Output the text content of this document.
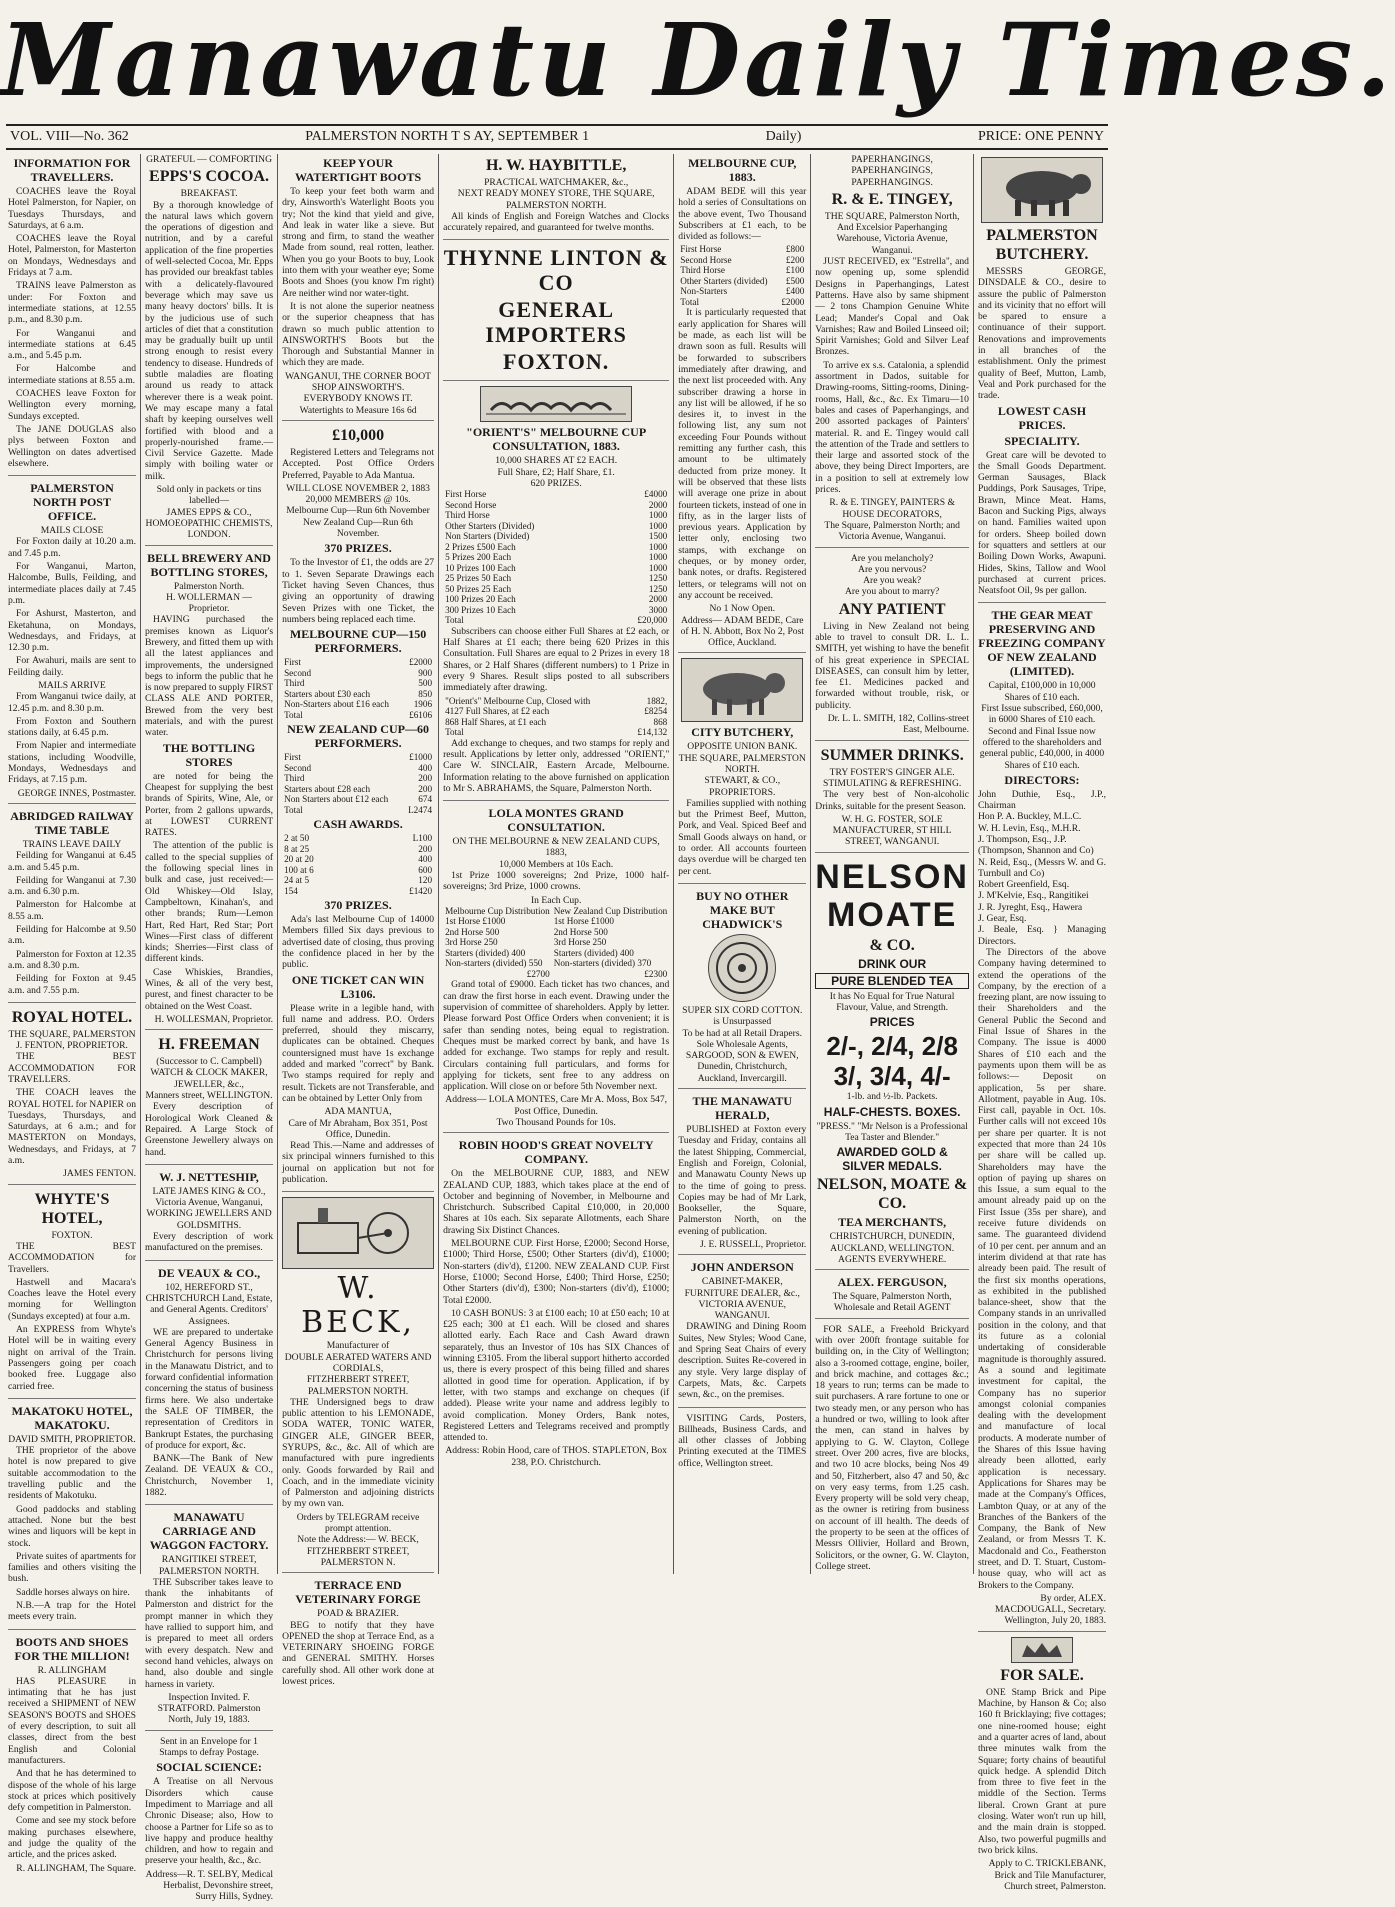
Manawatu Daily Times.
VOL. VIII—No. 362	PALMERSTON NORTH T S AY, SEPTEMBER 1	Daily)	PRICE: ONE PENNY
INFORMATION FOR TRAVELLERS.

COACHES leave the Royal Hotel Palmerston, for Napier, on Tuesdays Thursdays, and Saturdays, at 6 a.m.

COACHES leave the Royal Hotel, Palmerston, for Masterton on Mondays, Wednesdays and Fridays at 7 a.m.

TRAINS leave Palmerston as under: For Foxton and intermediate stations, at 12.55 p.m., and 8.30 p.m.

For Wanganui and intermediate stations at 6.45 a.m., and 5.45 p.m.

For Halcombe and intermediate stations at 8.55 a.m.

COACHES leave Foxton for Wellington every morning, Sundays excepted.

The JANE DOUGLAS also plys between Foxton and Wellington on dates advertised elsewhere.

PALMERSTON NORTH POST OFFICE.
MAILS CLOSE

For Foxton daily at 10.20 a.m. and 7.45 p.m.

For Wanganui, Marton, Halcombe, Bulls, Feilding, and intermediate places daily at 7.45 p.m.

For Ashurst, Masterton, and Eketahuna, on Mondays, Wednesdays, and Fridays, at 12.30 p.m.

For Awahuri, mails are sent to Feilding daily.

MAILS ARRIVE

From Wanganui twice daily, at 12.45 p.m. and 8.30 p.m.

From Foxton and Southern stations daily, at 6.45 p.m.

From Napier and intermediate stations, including Woodville, Mondays, Wednesdays and Fridays, at 7.15 p.m.

GEORGE INNES, Postmaster.
ABRIDGED RAILWAY TIME TABLE
TRAINS LEAVE DAILY

Feilding for Wanganui at 6.45 a.m. and 5.45 p.m.

Feilding for Wanganui at 7.30 a.m. and 6.30 p.m.

Palmerston for Halcombe at 8.55 a.m.

Feilding for Halcombe at 9.50 a.m.

Palmerston for Foxton at 12.35 a.m. and 8.30 p.m.

Feilding for Foxton at 9.45 a.m. and 7.55 p.m.

ROYAL HOTEL.
THE SQUARE, PALMERSTON
J. FENTON, PROPRIETOR.

THE BEST ACCOMMODATION FOR TRAVELLERS.

THE COACH leaves the ROYAL HOTEL for NAPIER on Tuesdays, Thursdays, and Saturdays, at 6 a.m.; and for MASTERTON on Mondays, Wednesdays, and Fridays, at 7 a.m.

JAMES FENTON.
WHYTE'S HOTEL,
FOXTON.

THE BEST ACCOMMODATION for Travellers.

Hastwell and Macara's Coaches leave the Hotel every morning for Wellington (Sundays excepted) at four a.m.

An EXPRESS from Whyte's Hotel will be in waiting every night on arrival of the Train. Passengers going per coach booked free. Luggage also carried free.

MAKATOKU HOTEL, MAKATOKU.
DAVID SMITH, PROPRIETOR.

THE proprietor of the above hotel is now prepared to give suitable accommodation to the travelling public and the residents of Makotuku.

Good paddocks and stabling attached. None but the best wines and liquors will be kept in stock.

Private suites of apartments for families and others visiting the bush.

Saddle horses always on hire.

N.B.—A trap for the Hotel meets every train.

BOOTS AND SHOES FOR THE MILLION!
R. ALLINGHAM

HAS PLEASURE in intimating that he has just received a SHIPMENT of NEW SEASON'S BOOTS and SHOES of every description, to suit all classes, direct from the best English and Colonial manufacturers.

And that he has determined to dispose of the whole of his large stock at prices which positively defy competition in Palmerston.

Come and see my stock before making purchases elsewhere, and judge the quality of the article, and the prices asked.

R. ALLINGHAM, The Square.
GRATEFUL — COMFORTING
EPPS'S COCOA.
BREAKFAST.

By a thorough knowledge of the natural laws which govern the operations of digestion and nutrition, and by a careful application of the fine properties of well-selected Cocoa, Mr. Epps has provided our breakfast tables with a delicately-flavoured beverage which may save us many heavy doctors' bills. It is by the judicious use of such articles of diet that a constitution may be gradually built up until strong enough to resist every tendency to disease. Hundreds of subtle maladies are floating around us ready to attack wherever there is a weak point. We may escape many a fatal shaft by keeping ourselves well fortified with blood and a properly-nourished frame.—Civil Service Gazette. Made simply with boiling water or milk.

Sold only in packets or tins labelled—
JAMES EPPS & CO.,
HOMOEOPATHIC CHEMISTS, LONDON.
BELL BREWERY AND BOTTLING STORES,
Palmerston North.
H. WOLLERMAN — Proprietor.

HAVING purchased the premises known as Liquor's Brewery, and fitted them up with all the latest appliances and improvements, the undersigned begs to inform the public that he is now prepared to supply FIRST CLASS ALE AND PORTER, Brewed from the very best materials, and with the purest water.

THE BOTTLING STORES

are noted for being the Cheapest for supplying the best brands of Spirits, Wine, Ale, or Porter, from 2 gallons upwards, at LOWEST CURRENT RATES.

The attention of the public is called to the special supplies of the following special lines in bulk and case, just received:—Old Whiskey—Old Islay, Campbeltown, Kinahan's, and other brands; Rum—Lemon Hart, Red Hart, Red Star; Port Wines—First class of different kinds; Sherries—First class of different kinds.

Case Whiskies, Brandies, Wines, & all of the very best, purest, and finest character to be obtained on the West Coast.

H. WOLLESMAN, Proprietor.
H. FREEMAN
(Successor to C. Campbell) WATCH & CLOCK MAKER, JEWELLER, &c.,
Manners street, WELLINGTON.

Every description of Horological Work Cleaned & Repaired. A Large Stock of Greenstone Jewellery always on hand.

W. J. NETTESHIP,
LATE JAMES KING & CO., Victoria Avenue, Wanganui, WORKING JEWELLERS AND GOLDSMITHS.

Every description of work manufactured on the premises.

DE VEAUX & CO.,
102, HEREFORD ST., CHRISTCHURCH Land, Estate, and General Agents. Creditors' Assignees.

WE are prepared to undertake General Agency Business in Christchurch for persons living in the Manawatu District, and to forward confidential information concerning the status of business firms here. We also undertake the SALE OF TIMBER, the representation of Creditors in Bankrupt Estates, the purchasing of produce for export, &c.

BANK—The Bank of New Zealand. DE VEAUX & CO., Christchurch, November 1, 1882.

MANAWATU CARRIAGE AND WAGGON FACTORY.
RANGITIKEI STREET, PALMERSTON NORTH.

THE Subscriber takes leave to thank the inhabitants of Palmerston and district for the prompt manner in which they have rallied to support him, and is prepared to meet all orders with every despatch. New and second hand vehicles, always on hand, also double and single harness in variety.

Inspection Invited. F. STRATFORD. Palmerston North, July 19, 1883.
Sent in an Envelope for 1 Stamps to defray Postage.
SOCIAL SCIENCE:

A Treatise on all Nervous Disorders which cause Impediment to Marriage and all Chronic Disease; also, How to choose a Partner for Life so as to live happy and produce healthy children, and how to regain and preserve your health, &c., &c.

Address—R. T. SELBY, Medical Herbalist, Devonshire street, Surry Hills, Sydney.
KEEP YOUR WATERTIGHT BOOTS

To keep your feet both warm and dry, Ainsworth's Waterlight Boots you try; Not the kind that yield and give, And leak in water like a sieve. But strong and firm, to stand the weather Made from sound, real rotten, leather. When you go your Boots to buy, Look into them with your weather eye; Some Boots and Shoes (you know I'm right) Are neither wind nor water-tight.

It is not alone the superior neatness or the superior cheapness that has drawn so much public attention to AINSWORTH'S Boots but the Thorough and Substantial Manner in which they are made.

WANGANUI, THE CORNER BOOT SHOP AINSWORTH'S. EVERYBODY KNOWS IT. Watertights to Measure 16s 6d
£10,000

Registered Letters and Telegrams not Accepted. Post Office Orders Preferred, Payable to Ada Mantua.

WILL CLOSE NOVEMBER 2, 1883
20,000 MEMBERS @ 10s.
Melbourne Cup—Run 6th November
New Zealand Cup—Run 6th November.
370 PRIZES.

To the Investor of £1, the odds are 27 to 1. Seven Separate Drawings each Ticket having Seven Chances, thus giving an opportunity of drawing Seven Prizes with one Ticket, the numbers being replaced each time.

MELBOURNE CUP—150 PERFORMERS.
First	£2000
Second	900
Third	500
Starters about £30 each	850
Non-Starters about £16 each	1906
Total	£6106
NEW ZEALAND CUP—60 PERFORMERS.
First	£1000
Second	400
Third	200
Starters about £28 each	200
Non Starters about £12 each	674
Total	L2474
CASH AWARDS.
2 at 50	L100
8 at 25	200
20 at 20	400
100 at 6	600
24 at 5	120
154	£1420
370 PRIZES.

Ada's last Melbourne Cup of 14000 Members filled Six days previous to advertised date of closing, thus proving the confidence placed in her by the public.

ONE TICKET CAN WIN L3106.

Please write in a legible hand, with full name and address. P.O. Orders preferred, should they miscarry, duplicates can be obtained. Cheques countersigned must have 1s exchange added and marked "correct" by Bank. Two stamps required for reply and result. Tickets are not Transferable, and can be obtained by Letter Only from

ADA MANTUA,
Care of Mr Abraham, Box 351, Post Office, Dunedin.

Read This.—Name and addresses of six principal winners furnished to this journal on application but not for publication.

W. BECK,
Manufacturer of
DOUBLE AERATED WATERS AND CORDIALS,
FITZHERBERT STREET, PALMERSTON NORTH.

THE Undersigned begs to draw public attention to his LEMONADE, SODA WATER, TONIC WATER, GINGER ALE, GINGER BEER, SYRUPS, &c., &c. All of which are manufactured with pure ingredients only. Goods forwarded by Rail and Coach, and in the immediate vicinity of Palmerston and adjoining districts by my own van.

Orders by TELEGRAM receive prompt attention.
Note the Address:— W. BECK, FITZHERBERT STREET, PALMERSTON N.
TERRACE END VETERINARY FORGE
POAD & BRAZIER.

BEG to notify that they have OPENED the shop at Terrace End, as a VETERINARY SHOEING FORGE and GENERAL SMITHY. Horses carefully shod. All other work done at lowest prices.

H. W. HAYBITTLE,
PRACTICAL WATCHMAKER, &c.,
NEXT READY MONEY STORE, THE SQUARE, PALMERSTON NORTH.

All kinds of English and Foreign Watches and Clocks accurately repaired, and guaranteed for twelve months.

THYNNE LINTON & CO
GENERAL IMPORTERS
FOXTON.
"ORIENT'S" MELBOURNE CUP CONSULTATION, 1883.
10,000 SHARES AT £2 EACH.
Full Share, £2; Half Share, £1.
620 PRIZES.
First Horse	£4000
Second Horse	2000
Third Horse	1000
Other Starters (Divided)	1000
Non Starters (Divided)	1500
2 Prizes £500 Each	1000
5 Prizes 200 Each	1000
10 Prizes 100 Each	1000
25 Prizes 50 Each	1250
50 Prizes 25 Each	1250
100 Prizes 20 Each	2000
300 Prizes 10 Each	3000
Total	£20,000

Subscribers can choose either Full Shares at £2 each, or Half Shares at £1 each; there being 620 Prizes in this Consultation. Full Shares are equal to 2 Prizes in every 18 Shares, or 2 Half Shares (different numbers) to 1 Prize in every 9 Shares. Result slips posted to all subscribers immediately after drawing.

"Orient's" Melbourne Cup, Closed with	1882,
4127 Full Shares, at £2 each	£8254
868 Half Shares, at £1 each	868
Total	£14,132

Add exchange to cheques, and two stamps for reply and result. Applications by letter only, addressed "ORIENT," Care W. SINCLAIR, Eastern Arcade, Melbourne. Information relating to the above furnished on application to Mr S. ABRAHAMS, the Square, Palmerston North.

LOLA MONTES GRAND CONSULTATION.
ON THE MELBOURNE & NEW ZEALAND CUPS, 1883,
10,000 Members at 10s Each.

1st Prize 1000 sovereigns; 2nd Prize, 1000 half-sovereigns; 3rd Prize, 1000 crowns.

In Each Cup.
Melbourne Cup Distribution	New Zealand Cup Distribution
1st Horse £1000	1st Horse £1000
2nd Horse 500	2nd Horse 500
3rd Horse 250	3rd Horse 250
Starters (divided) 400	Starters (divided) 400
Non-starters (divided) 550	Non-starters (divided) 370
£2700	£2300

Grand total of £9000. Each ticket has two chances, and can draw the first horse in each event. Drawing under the supervision of committee of shareholders. Apply by letter. Please forward Post Office Orders when convenient; it is safer than sending notes, being equal to registration. Cheques must be marked correct by bank, and have 1s added for exchange. Two stamps for reply and result. Circulars containing full particulars, and forms for applying for tickets, sent free to any address on application. Will close on or before 5th November next.

Address— LOLA MONTES, Care Mr A. Moss, Box 547, Post Office, Dunedin.
Two Thousand Pounds for 10s.
ROBIN HOOD'S GREAT NOVELTY COMPANY.

On the MELBOURNE CUP, 1883, and NEW ZEALAND CUP, 1883, which takes place at the end of October and beginning of November, in Melbourne and Christchurch. Subscribed Capital £10,000, in 20,000 Shares at 10s each. Six separate Allotments, each Share drawing Six Distinct Chances.

MELBOURNE CUP. First Horse, £2000; Second Horse, £1000; Third Horse, £500; Other Starters (div'd), £1000; Non-starters (div'd), £1200. NEW ZEALAND CUP. First Horse, £1000; Second Horse, £400; Third Horse, £250; Other Starters (div'd), £300; Non-starters (div'd), £1000; Total £2000.

10 CASH BONUS: 3 at £100 each; 10 at £50 each; 10 at £25 each; 300 at £1 each. Will be closed and shares allotted early. Each Race and Cash Award drawn separately, thus an Investor of 10s has SIX Chances of winning £3105. From the liberal support hitherto accorded us, there is every prospect of this being filled and shares allotted in good time for operation. Application, if by letter, with two stamps and exchange on cheques (if added). Please write your name and address legibly to avoid complication. Money Orders, Bank notes, Registered Letters and Telegrams received and promptly attended to.

Address: Robin Hood, care of THOS. STAPLETON, Box 238, P.O. Christchurch.
MELBOURNE CUP, 1883.

ADAM BEDE will this year hold a series of Consultations on the above event, Two Thousand Subscribers at £1 each, to be divided as follows:—

First Horse	£800
Second Horse	£200
Third Horse	£100
Other Starters (divided)	£500
Non-Starters	£400
Total	£2000

It is particularly requested that early application for Shares will be made, as each list will be drawn soon as full. Results will be forwarded to subscribers immediately after drawing, and the next list proceeded with. Any subscriber drawing a horse in any list will be allowed, if he so desires it, to invest in the following list, any sum not exceeding Four Pounds without remitting any further cash, this amount to be ultimately deducted from prize money. It will be observed that these lists will average one prize in about fourteen tickets, instead of one in fifty, as in the larger lists of previous years. Application by letter only, enclosing two stamps, with exchange on cheques, or by money order, bank notes, or drafts. Registered letters, or telegrams will not on any account be received.

No 1 Now Open.
Address— ADAM BEDE, Care of H. N. Abbott, Box No 2, Post Office, Auckland.
CITY BUTCHERY,
OPPOSITE UNION BANK. THE SQUARE, PALMERSTON NORTH.
STEWART, & CO., PROPRIETORS.

Families supplied with nothing but the Primest Beef, Mutton, Pork, and Veal. Spiced Beef and Small Goods always on hand, or to order. All accounts fourteen days overdue will be charged ten per cent.

BUY NO OTHER MAKE BUT CHADWICK'S
SUPER SIX CORD COTTON.
is Unsurpassed
To be had at all Retail Drapers.
Sole Wholesale Agents, SARGOOD, SON & EWEN, Dunedin, Christchurch, Auckland, Invercargill.
THE MANAWATU HERALD,

PUBLISHED at Foxton every Tuesday and Friday, contains all the latest Shipping, Commercial, English and Foreign, Colonial, and Manawatu County News up to the time of going to press. Copies may be had of Mr Lark, Bookseller, the Square, Palmerston North, on the evening of publication.

J. E. RUSSELL, Proprietor.
JOHN ANDERSON
CABINET-MAKER, FURNITURE DEALER, &c., VICTORIA AVENUE, WANGANUI.

DRAWING and Dining Room Suites, New Styles; Wood Cane, and Spring Seat Chairs of every description. Suites Re-covered in any style. Very large display of Carpets, Mats, &c. Carpets sewn, &c., on the premises.

VISITING Cards, Posters, Billheads, Business Cards, and all other classes of Jobbing Printing executed at the TIMES office, Wellington street.

PAPERHANGINGS, PAPERHANGINGS, PAPERHANGINGS.
R. & E. TINGEY,
THE SQUARE, Palmerston North,
And Excelsior Paperhanging Warehouse, Victoria Avenue, Wanganui.

JUST RECEIVED, ex "Estrella", and now opening up, some splendid Designs in Paperhangings, Latest Patterns. Have also by same shipment— 2 tons Champion Genuine White Lead; Mander's Copal and Oak Varnishes; Raw and Boiled Linseed oil; Spirit Varnishes; Gold and Silver Leaf Bronzes.

To arrive ex s.s. Catalonia, a splendid assortment in Dados, suitable for Drawing-rooms, Sitting-rooms, Dining-rooms, Hall, &c., &c. Ex Timaru—10 bales and cases of Paperhangings, and 200 assorted packages of Painters' material. R. and E. Tingey would call the attention of the Trade and settlers to their large and assorted stock of the above, they being Direct Importers, are in a position to sell at extremely low prices.

R. & E. TINGEY, PAINTERS & HOUSE DECORATORS,
The Square, Palmerston North; and Victoria Avenue, Wanganui.
Are you melancholy?
Are you nervous?
Are you weak?
Are you about to marry?
ANY PATIENT

Living in New Zealand not being able to travel to consult DR. L. L. SMITH, yet wishing to have the benefit of his great experience in SPECIAL DISEASES, can consult him by letter, fee £1. Medicines packed and forwarded without trouble, risk, or publicity.

Dr. L. L. SMITH, 182, Collins-street East, Melbourne.
SUMMER DRINKS.
TRY FOSTER'S GINGER ALE.
STIMULATING & REFRESHING.

The very best of Non-alcoholic Drinks, suitable for the present Season.

W. H. G. FOSTER, SOLE MANUFACTURER, ST HILL STREET, WANGANUI.
NELSON
MOATE
& CO.
DRINK OUR
PURE BLENDED TEA
It has No Equal for True Natural Flavour, Value, and Strength.
PRICES
2/-, 2/4, 2/8
3/, 3/4, 4/-
1-lb. and ½-lb. Packets.
HALF-CHESTS. BOXES.
"PRESS." "Mr Nelson is a Professional Tea Taster and Blender."
AWARDED GOLD & SILVER MEDALS.
NELSON, MOATE & CO.
TEA MERCHANTS,
CHRISTCHURCH, DUNEDIN, AUCKLAND, WELLINGTON.
AGENTS EVERYWHERE.
ALEX. FERGUSON,
The Square, Palmerston North, Wholesale and Retail AGENT

FOR SALE, a Freehold Brickyard with over 200ft frontage suitable for building on, in the City of Wellington; also a 3-roomed cottage, engine, boiler, and brick machine, and cottages &c.; 18 years to run; terms can be made to suit purchasers. A rare fortune to one or two steady men, or any person who has a hundred or two, willing to look after the men, can stand in halves by applying to G. W. Clayton, College street. Over 200 acres, five are blocks, and two 10 acre blocks, being Nos 49 and 50, Fitzherbert, also 47 and 50, &c on very easy terms, from 1.25 cash. Every property will be sold very cheap, as the owner is retiring from business on account of ill health. The deeds of the property to be seen at the offices of Messrs Ollivier, Hollard and Brown, Solicitors, or the owner, G. W. Clayton, College street.

PALMERSTON BUTCHERY.

MESSRS GEORGE, DINSDALE & CO., desire to assure the public of Palmerston and its vicinity that no effort will be spared to ensure a continuance of their support. Renovations and improvements in all branches of the establishment. Only the primest quality of Beef, Mutton, Lamb, Veal and Pork purchased for the trade.

LOWEST CASH PRICES.
SPECIALITY.

Great care will be devoted to the Small Goods Department. German Sausages, Black Puddings, Pork Sausages, Tripe, Brawn, Mince Meat. Hams, Bacon and Sucking Pigs, always on hand. Families waited upon for orders. Sheep boiled down for squatters and settlers at our Boiling Down Works, Awapuni. Hides, Skins, Tallow and Wool purchased at current prices. Neatsfoot Oil, 9s per gallon.

THE GEAR MEAT PRESERVING AND FREEZING COMPANY OF NEW ZEALAND (LIMITED).
Capital, £100,000 in 10,000 Shares of £10 each.
First Issue subscribed, £60,000, in 6000 Shares of £10 each.
Second and Final Issue now offered to the shareholders and general public, £40,000, in 4000 Shares of £10 each.
DIRECTORS:
John Duthie, Esq., J.P., Chairman
Hon P. A. Buckley, M.L.C.
W. H. Levin, Esq., M.H.R.
J. Thompson, Esq., J.P.
(Thompson, Shannon and Co)
N. Reid, Esq., (Messrs W. and G. Turnbull and Co)
Robert Greenfield, Esq.
J. M'Kelvie, Esq., Rangitikei
J. R. Jyreght, Esq., Hawera
J. Gear, Esq.
J. Beale, Esq. } Managing Directors.

The Directors of the above Company having determined to extend the operations of the Company, by the erection of a freezing plant, are now issuing to their Shareholders and the General Public the Second and Final Issue of Shares in the Company. The issue is 4000 Shares of £10 each and the payments upon them will be as follows:— Deposit on application, 5s per share. Allotment, payable in Aug. 10s. First call, payable in Oct. 10s. Further calls will not exceed 10s per share per quarter. It is not expected that more than 24 10s per share will be called up. Shareholders may have the option of paying up shares on this Issue, a sum equal to the amount already paid up on the First Issue (35s per share), and receive future dividends on same. The guaranteed dividend of 10 per cent. per annum and an interim dividend at that rate has already been paid. The result of the first six months operations, as exhibited in the published balance-sheet, show that the Company stands in an unrivalled position in the colony, and that its future as a colonial undertaking of considerable magnitude is thoroughly assured. As a sound and legitimate investment for capital, the Company has no superior amongst colonial companies dealing with the development and manufacture of local products. A moderate number of the Shares of this Issue having already been allotted, early application is necessary. Applications for Shares may be made at the Company's Offices, Lambton Quay, or at any of the Branches of the Bankers of the Company, the Bank of New Zealand, or from Messrs T. K. Macdonald and Co., Featherston street, and D. T. Stuart, Custom-house quay, who will act as Brokers to the Company.

By order, ALEX. MACDOUGALL, Secretary. Wellington, July 20, 1883.
FOR SALE.

ONE Stamp Brick and Pipe Machine, by Hanson & Co; also 160 ft Bricklaying; five cottages; one nine-roomed house; eight and a quarter acres of land, about three minutes walk from the Square; forty chains of beautiful quick hedge. A splendid Ditch from three to five feet in the middle of the Section. Terms liberal. Crown Grant at pure closing. Water won't run up hill, and the main drain is stopped. Also, two powerful pugmills and two brick kilns.

Apply to C. TRICKLEBANK, Brick and Tile Manufacturer, Church street, Palmerston.
